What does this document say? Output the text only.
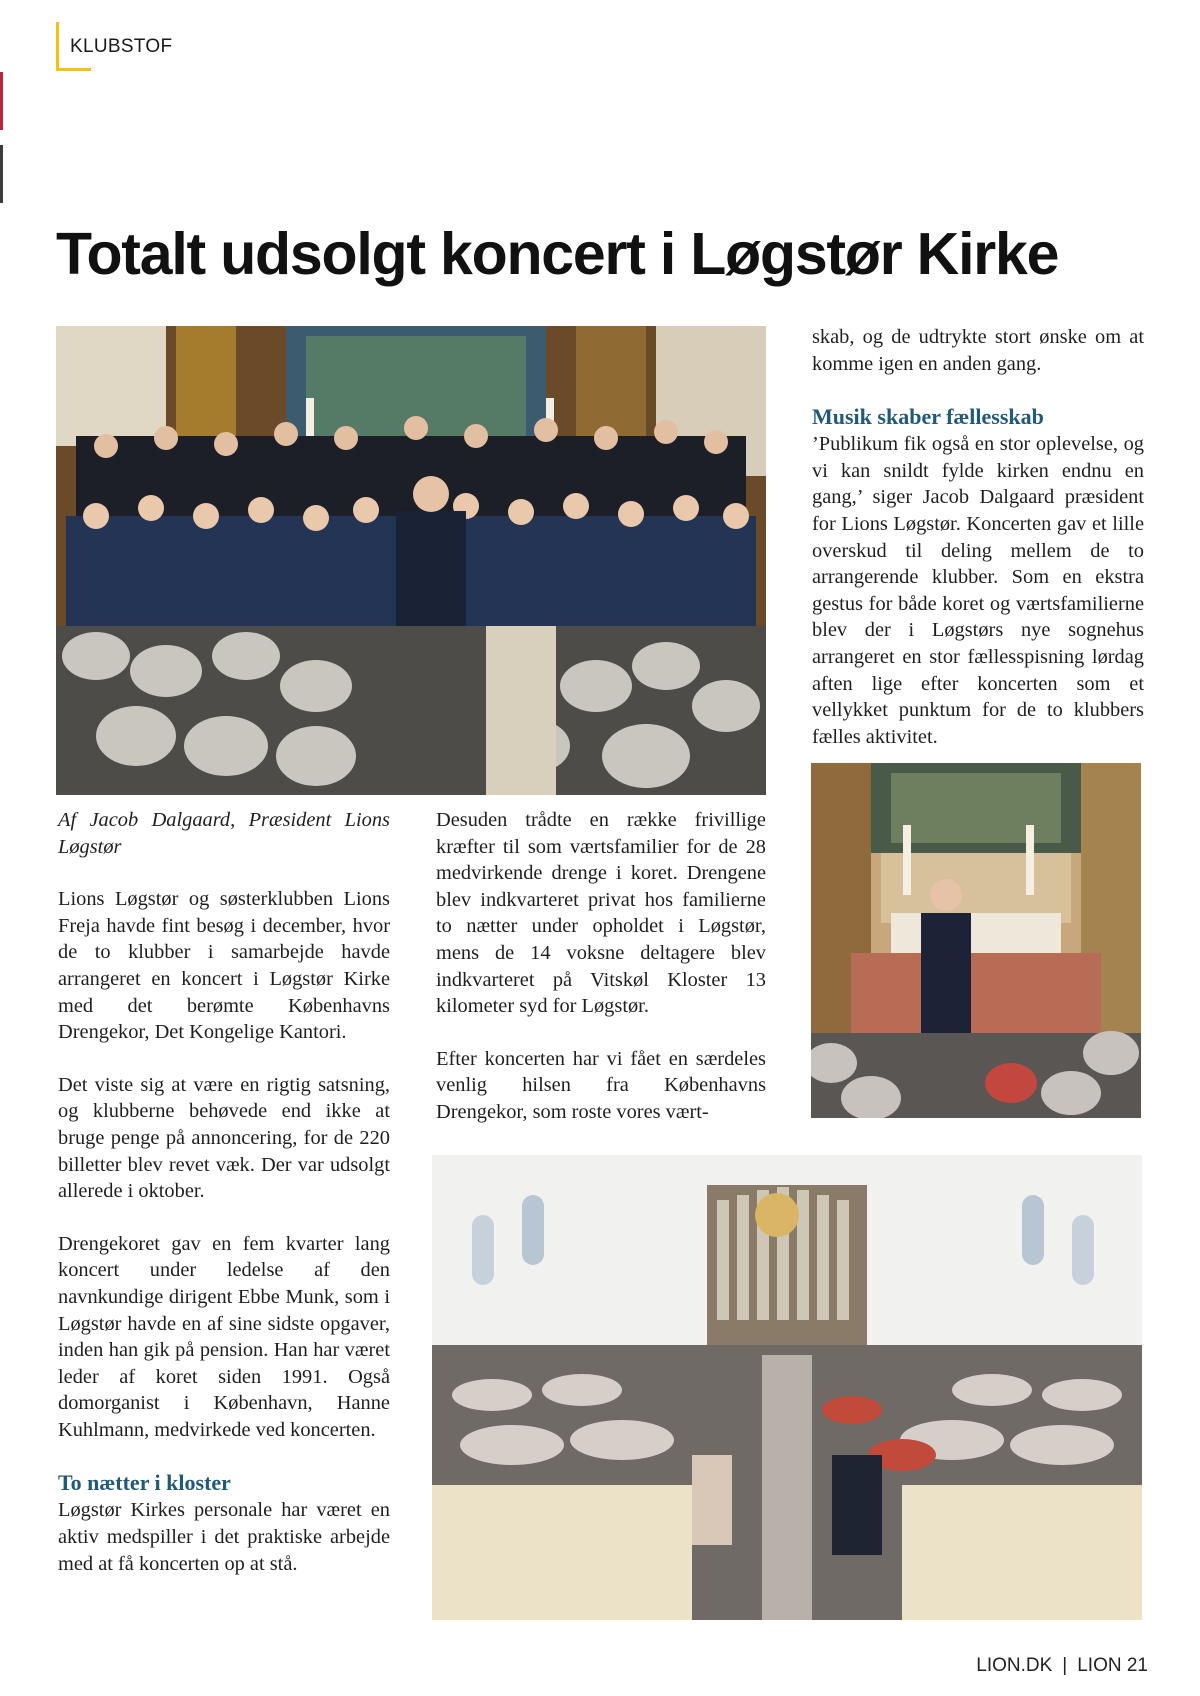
KLUBSTOF
Totalt udsolgt koncert i Løgstør Kirke

Af Jacob Dalgaard, Præsident Lions Løgstør

Lions Løgstør og søsterklubben Lions Freja havde fint besøg i december, hvor de to klubber i samarbejde havde arrangeret en koncert i Løgstør Kirke med det berømte Københavns Drengekor, Det Kongelige Kantori.

Det viste sig at være en rigtig satsning, og klubberne behøvede end ikke at bruge penge på annoncering, for de 220 billetter blev revet væk. Der var udsolgt allerede i oktober.

Drengekoret gav en fem kvarter lang koncert under ledelse af den navnkundige dirigent Ebbe Munk, som i Løgstør havde en af sine sidste opgaver, inden han gik på pension. Han har været leder af koret siden 1991. Også domorganist i København, Hanne Kuhlmann, medvirkede ved koncerten.

To nætter i kloster

Løgstør Kirkes personale har været en aktiv medspiller i det praktiske arbejde med at få koncerten op at stå.

Desuden trådte en række frivillige kræfter til som værtsfamilier for de 28 medvirkende drenge i koret. Drengene blev indkvarteret privat hos familierne to nætter under opholdet i Løgstør, mens de 14 voksne deltagere blev indkvarteret på Vitskøl Kloster 13 kilometer syd for Løgstør.

Efter koncerten har vi fået en særdeles venlig hilsen fra Københavns Drengekor, som roste vores vært-

skab, og de udtrykte stort ønske om at komme igen en anden gang.

Musik skaber fællesskab

’Publikum fik også en stor oplevelse, og vi kan snildt fylde kirken endnu en gang,’ siger Jacob Dalgaard præsident for Lions Løgstør. Koncerten gav et lille overskud til deling mellem de to arrangerende klubber. Som en ekstra gestus for både koret og værtsfamilierne blev der i Løgstørs nye sognehus arrangeret en stor fællesspisning lørdag aften lige efter koncerten som et vellykket punktum for de to klubbers fælles aktivitet.

LION.DK | LION 21
